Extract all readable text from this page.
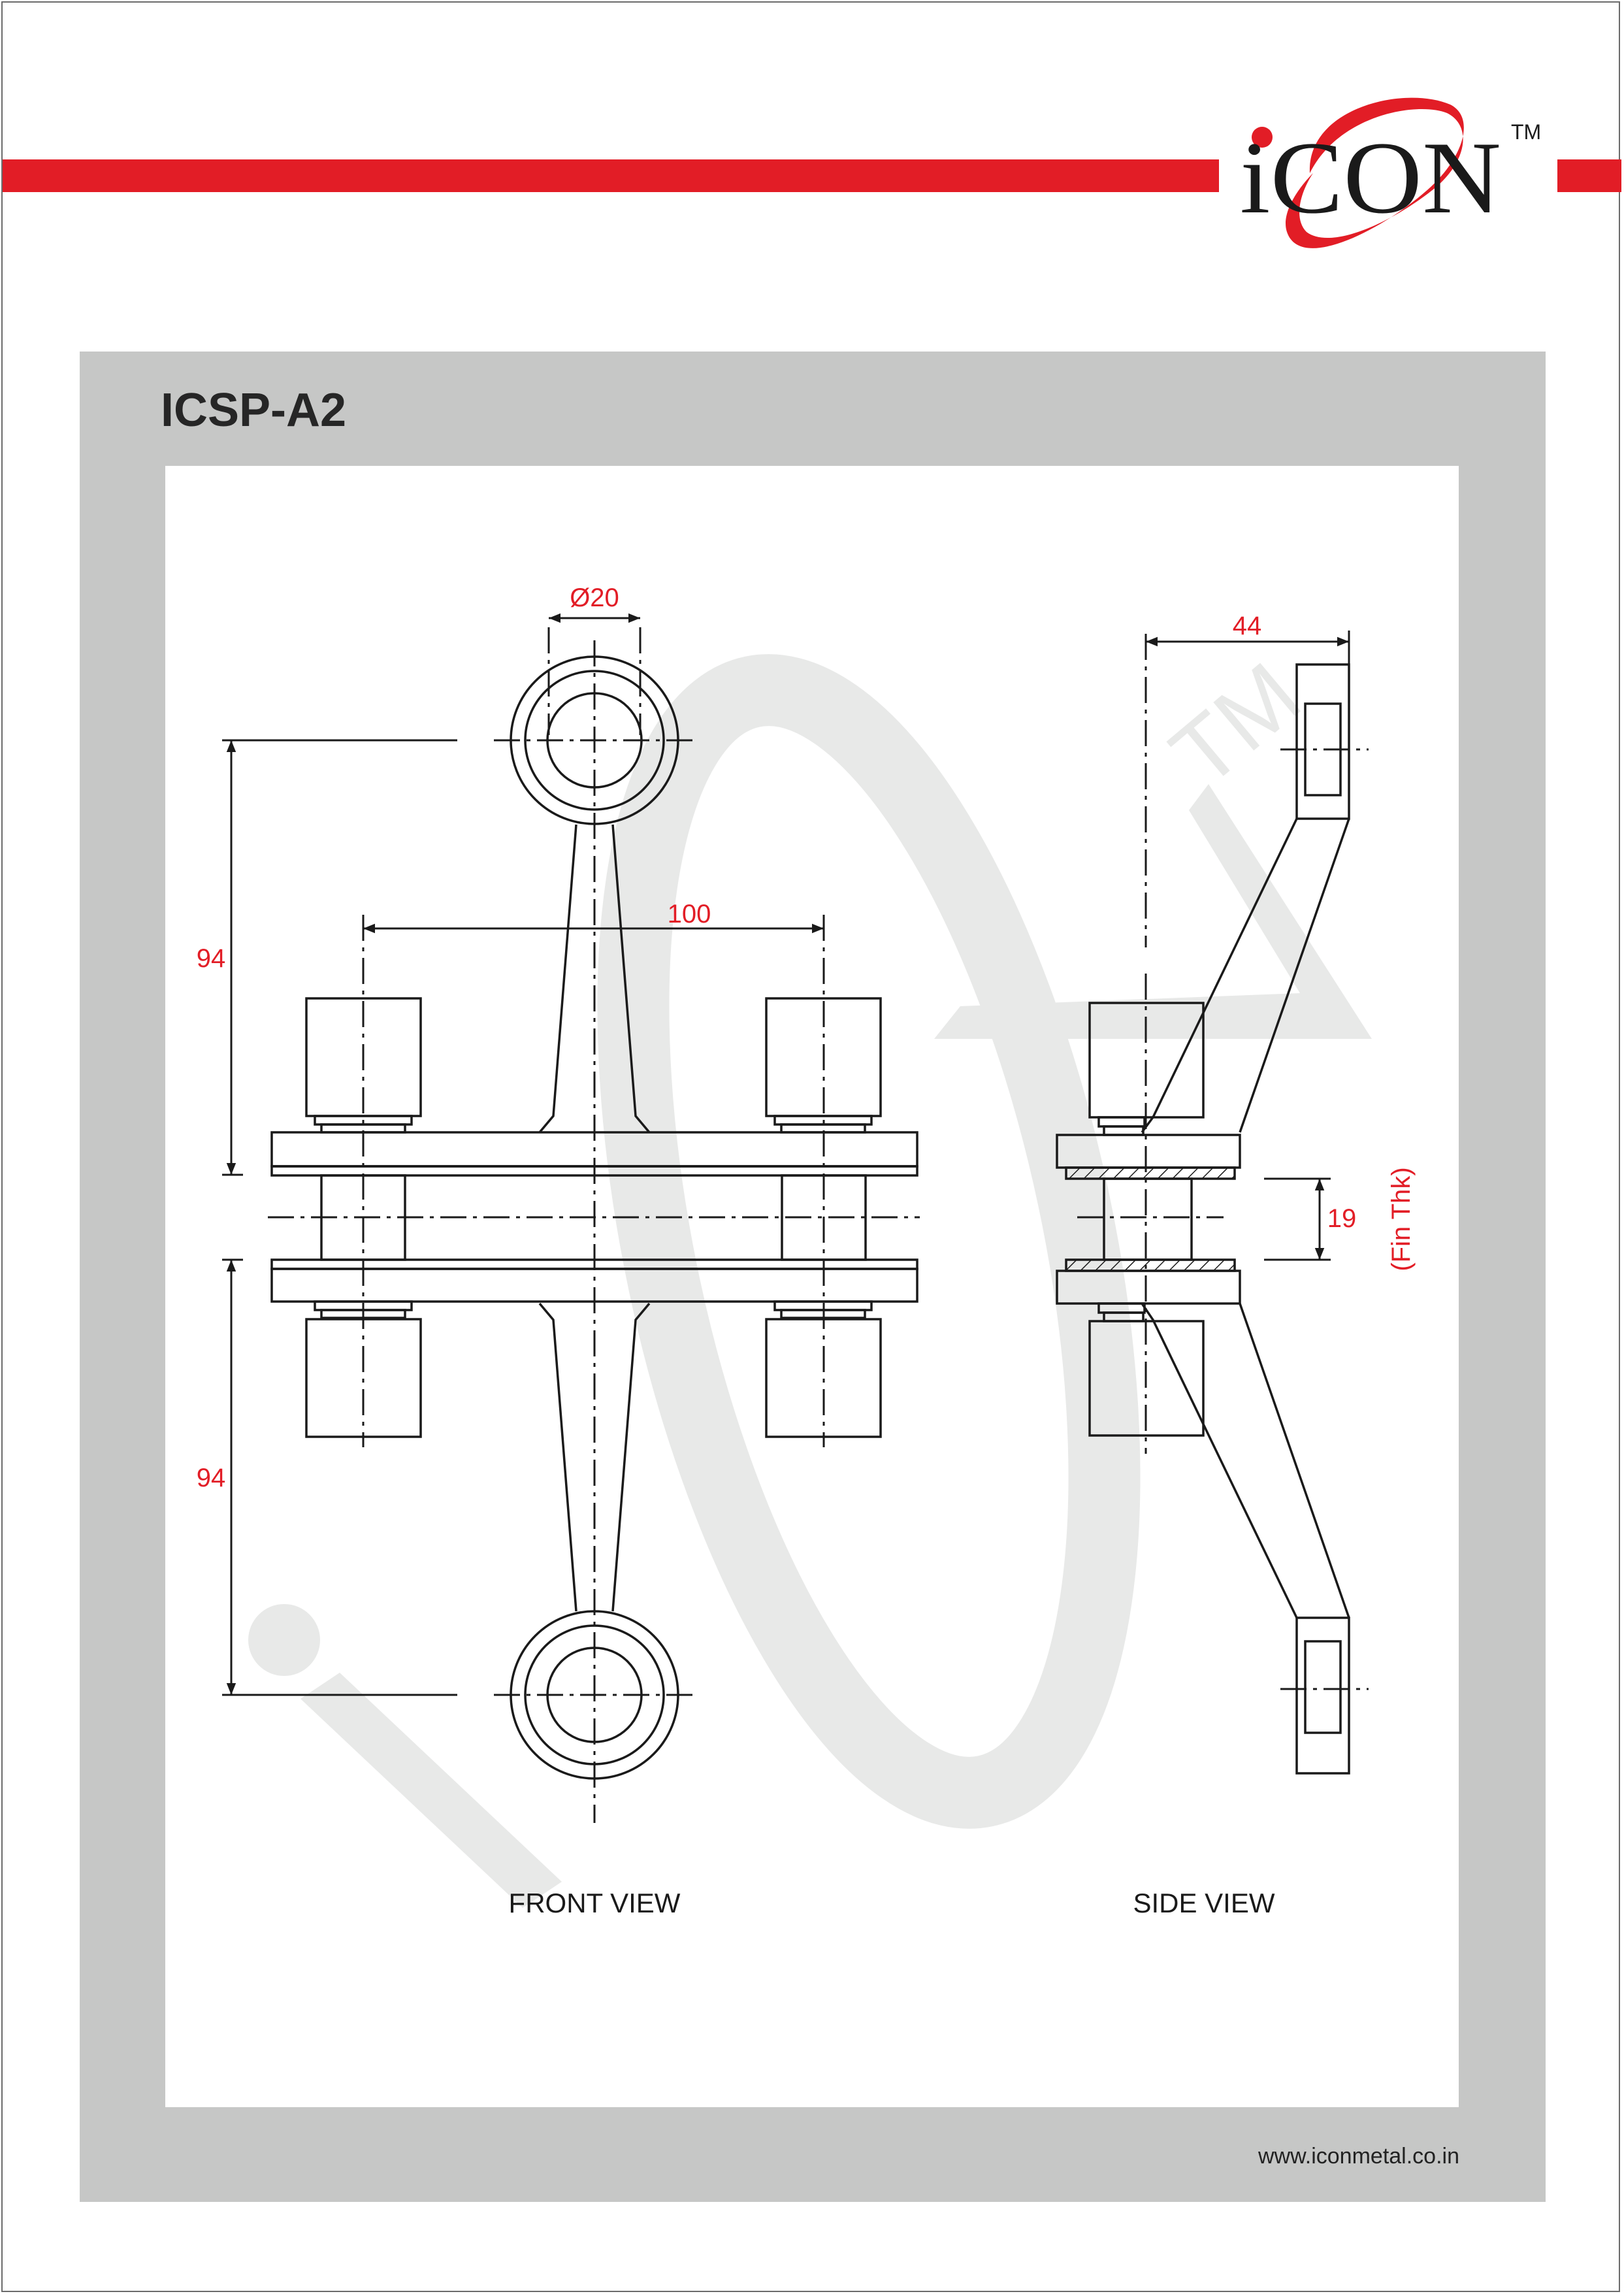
iCON TM
ICSP-A2
TM
Ø20
94
94
100
44
19 (Fin Thk)
FRONT VIEW	SIDE VIEW
www.iconmetal.co.in
